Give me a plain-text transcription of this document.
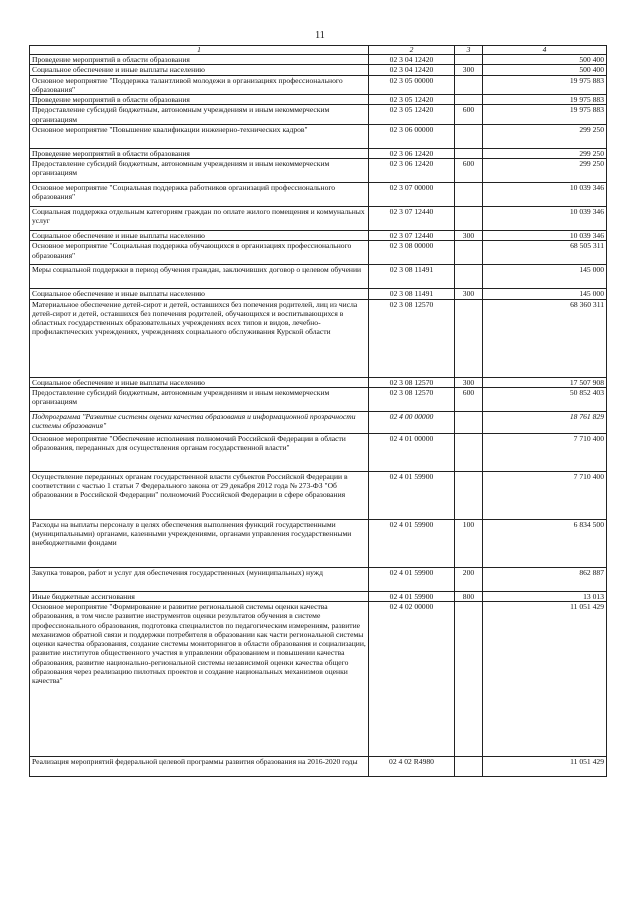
11
1	2	3	4
Проведение мероприятий в области образования	02 3 04 12420		500 400
Социальное обеспечение и иные выплаты населению	02 3 04 12420	300	500 400
Основное мероприятие "Поддержка талантливой молодежи в организациях профессионального образования"	02 3 05 00000		19 975 883
Проведение мероприятий в области образования	02 3 05 12420		19 975 883
Предоставление субсидий бюджетным, автономным учреждениям и иным некоммерческим организациям	02 3 05 12420	600	19 975 883
Основное мероприятие "Повышение квалификации инженерно-технических кадров"	02 3 06 00000		299 250
Проведение мероприятий в области образования	02 3 06 12420		299 250
Предоставление субсидий бюджетным, автономным учреждениям и иным некоммерческим организациям	02 3 06 12420	600	299 250
Основное мероприятие "Социальная поддержка работников организаций профессионального образования"	02 3 07 00000		10 039 346
Социальная поддержка отдельным категориям граждан по оплате жилого помещения и коммунальных услуг	02 3 07 12440		10 039 346
Социальное обеспечение и иные выплаты населению	02 3 07 12440	300	10 039 346
Основное мероприятие "Социальная поддержка обучающихся в организациях профессионального образования"	02 3 08 00000		68 505 311
Меры социальной поддержки в период обучения граждан, заключивших договор о целевом обучении	02 3 08 11491		145 000
Социальное обеспечение и иные выплаты населению	02 3 08 11491	300	145 000
Материальное обеспечение детей-сирот и детей, оставшихся без попечения родителей, лиц из числа детей-сирот и детей, оставшихся без попечения родителей, обучающихся и воспитывающихся в областных государственных образовательных учреждениях всех типов и видов, лечебно-профилактических учреждениях, учреждениях социального обслуживания Курской области	02 3 08 12570		68 360 311
Социальное обеспечение и иные выплаты населению	02 3 08 12570	300	17 507 908
Предоставление субсидий бюджетным, автономным учреждениям и иным некоммерческим организациям	02 3 08 12570	600	50 852 403
Подпрограмма "Развитие системы оценки качества образования и информационной прозрачности системы образования"	02 4 00 00000		18 761 829
Основное мероприятие "Обеспечение исполнения полномочий Российской Федерации в области образования, переданных для осуществления органам государственной власти"	02 4 01 00000		7 710 400
Осуществление переданных органам государственной власти субъектов Российской Федерации в соответствии с частью 1 статьи 7 Федерального закона от 29 декабря 2012 года № 273-ФЗ "Об образовании в Российской Федерации" полномочий Российской Федерации в сфере образования	02 4 01 59900		7 710 400
Расходы на выплаты персоналу в целях обеспечения выполнения функций государственными (муниципальными) органами, казенными учреждениями, органами управления государственными внебюджетными фондами	02 4 01 59900	100	6 834 500
Закупка товаров, работ и услуг для обеспечения государственных (муниципальных) нужд	02 4 01 59900	200	862 887
Иные бюджетные ассигнования	02 4 01 59900	800	13 013
Основное мероприятие "Формирование и развитие региональной системы оценки качества образования, в том числе развитие инструментов оценки результатов обучения в системе профессионального образования, подготовка специалистов по педагогическим измерениям, развитие механизмов обратной связи и поддержки потребителя в образовании как части региональной системы оценки качества образования, создание системы мониторингов в области образования и социализации, развитие институтов общественного участия в управлении образованием и повышении качества образования, развитие национально-региональной системы независимой оценки качества общего образования через реализацию пилотных проектов и создание национальных механизмов оценки качества"	02 4 02 00000		11 051 429
Реализация мероприятий федеральной целевой программы развития образования на 2016-2020 годы	02 4 02 R4980		11 051 429
